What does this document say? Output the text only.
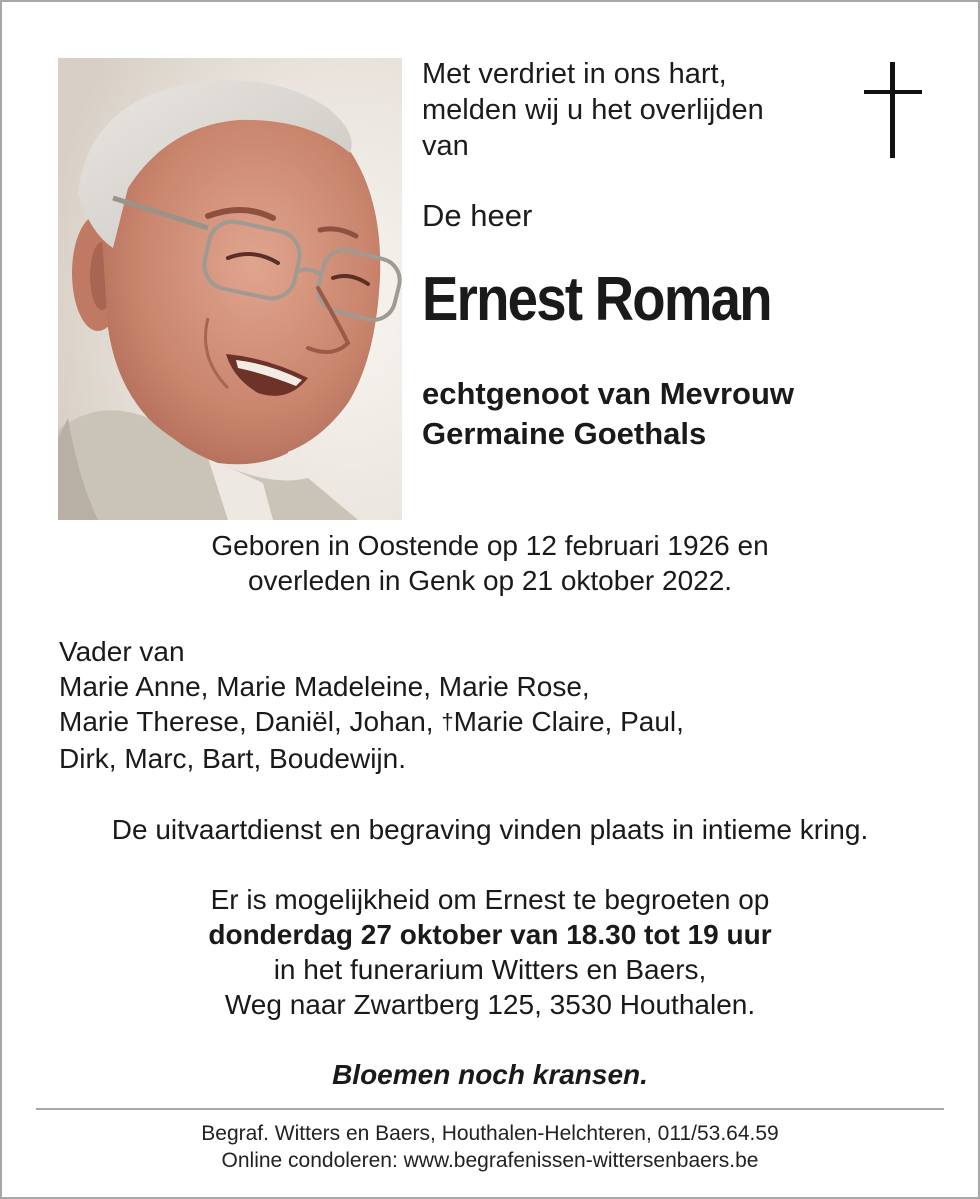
Met verdriet in ons hart,
melden wij u het overlijden
van
De heer
Ernest Roman
echtgenoot van Mevrouw
Germaine Goethals
Geboren in Oostende op 12 februari 1926 en
overleden in Genk op 21 oktober 2022.
Vader van
Marie Anne, Marie Madeleine, Marie Rose,
Marie Therese, Daniël, Johan, †Marie Claire, Paul,
Dirk, Marc, Bart, Boudewijn.
De uitvaartdienst en begraving vinden plaats in intieme kring.
Er is mogelijkheid om Ernest te begroeten op
donderdag 27 oktober van 18.30 tot 19 uur
in het funerarium Witters en Baers,
Weg naar Zwartberg 125, 3530 Houthalen.
Bloemen noch kransen.
Begraf. Witters en Baers, Houthalen-Helchteren, 011/53.64.59
Online condoleren: www.begrafenissen-wittersenbaers.be
